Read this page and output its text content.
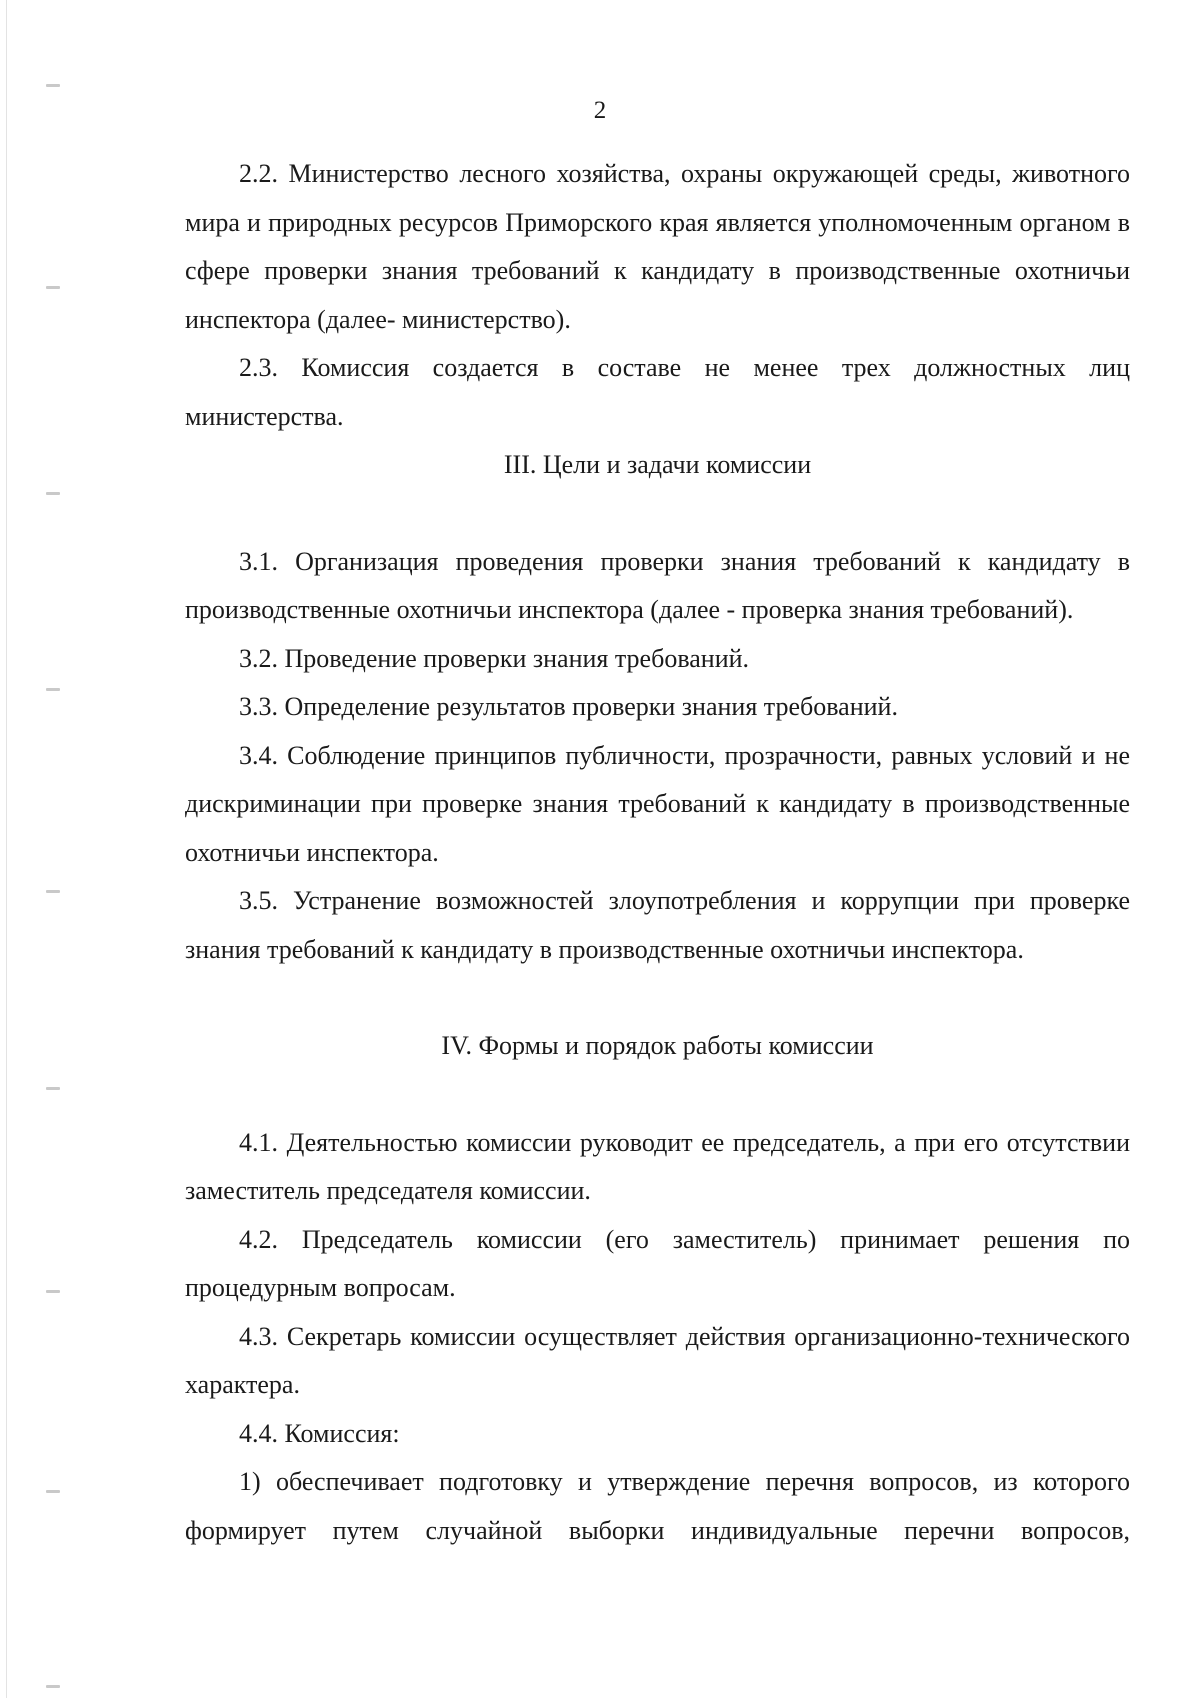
2

2.2. Министерство лесного хозяйства, охраны окружающей среды, животного мира и природных ресурсов Приморского края является уполномоченным органом в сфере проверки знания требований к кандидату в производственные охотничьи инспектора (далее- министерство).

2.3. Комиссия создается в составе не менее трех должностных лиц министерства.

III. Цели и задачи комиссии

3.1. Организация проведения проверки знания требований к кандидату в производственные охотничьи инспектора (далее - проверка знания требований).

3.2. Проведение проверки знания требований.

3.3. Определение результатов проверки знания требований.

3.4. Соблюдение принципов публичности, прозрачности, равных условий и не дискриминации при проверке знания требований к кандидату в производственные охотничьи инспектора.

3.5. Устранение возможностей злоупотребления и коррупции при проверке знания требований к кандидату в производственные охотничьи инспектора.

IV. Формы и порядок работы комиссии

4.1. Деятельностью комиссии руководит ее председатель, а при его отсутствии заместитель председателя комиссии.

4.2. Председатель комиссии (его заместитель) принимает решения по процедурным вопросам.

4.3. Секретарь комиссии осуществляет действия организационно-технического характера.

4.4. Комиссия:

1) обеспечивает подготовку и утверждение перечня вопросов, из которого формирует путем случайной выборки индивидуальные перечни вопросов,
